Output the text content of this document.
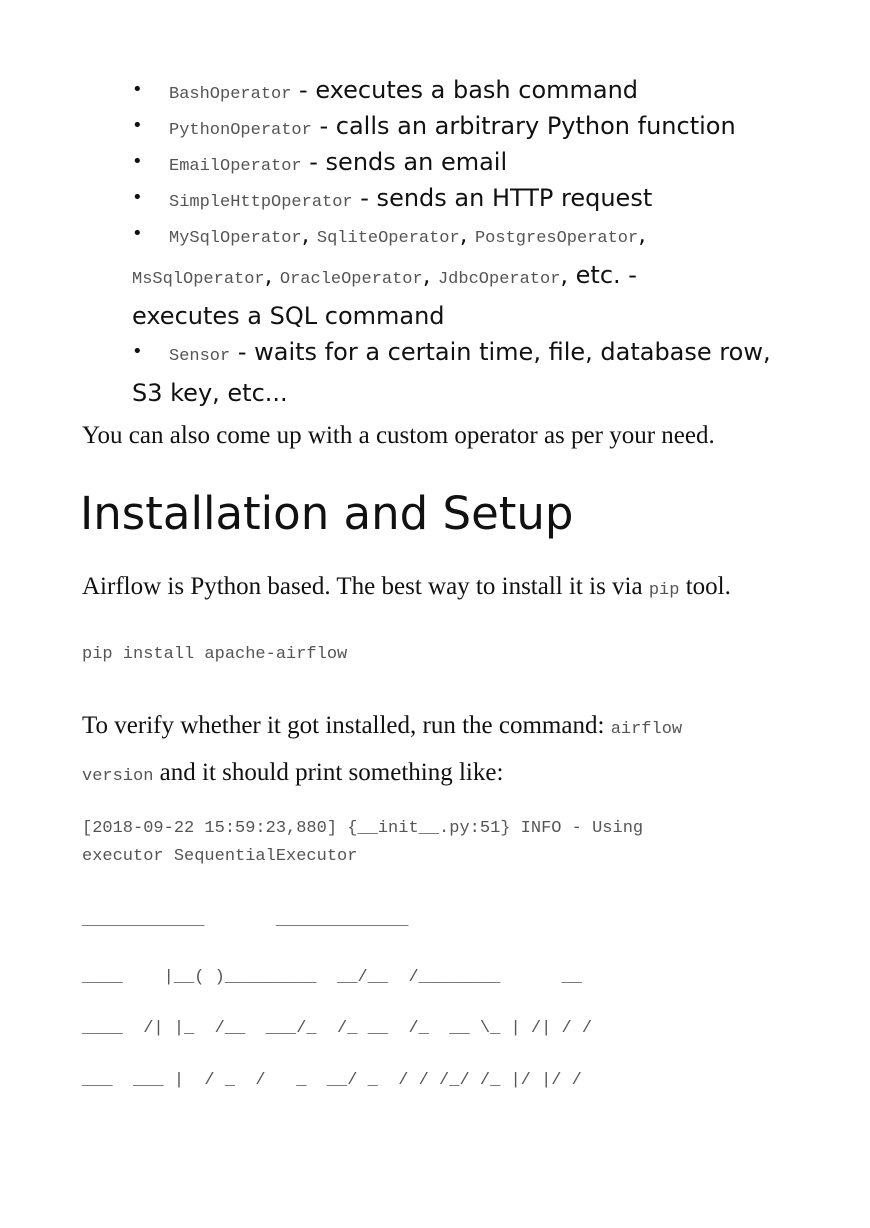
• BashOperator - executes a bash command
• PythonOperator - calls an arbitrary Python function
• EmailOperator - sends an email
• SimpleHttpOperator - sends an HTTP request
• MySqlOperator, SqliteOperator, PostgresOperator,
MsSqlOperator, OracleOperator, JdbcOperator, etc. -
executes a SQL command
• Sensor - waits for a certain time, file, database row,
S3 key, etc...
You can also come up with a custom operator as per your need.
Installation and Setup
Airflow is Python based. The best way to install it is via pip tool.
pip install apache-airflow
To verify whether it got installed, run the command: airflow
version and it should print something like:
[2018-09-22 15:59:23,880] {__init__.py:51} INFO - Using
executor SequentialExecutor
____________       _____________
____    |__( )_________  __/__  /________      __
____  /| |_  /__  ___/_  /_ __  /_  __ \_ | /| / /
___  ___ |  / _  /   _  __/ _  / / /_/ /_ |/ |/ /
